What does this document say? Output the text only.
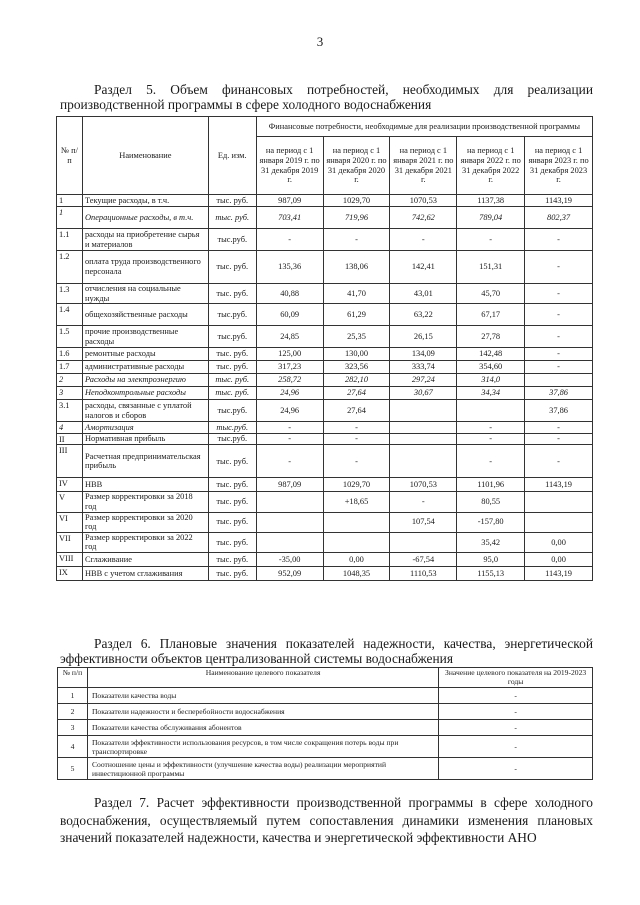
3
Раздел 5. Объем финансовых потребностей, необходимых для реализации производственной программы в сфере холодного водоснабжения
№ п/п	Наименование	Ед. изм.	Финансовые потребности, необходимые для реализации производственной программы				
			на период с 1 января 2019 г. по 31 декабря 2019 г.	на период с 1 января 2020 г. по 31 декабря 2020 г.	на период с 1 января 2021 г. по 31 декабря 2021 г.	на период с 1 января 2022 г. по 31 декабря 2022 г.	на период с 1 января 2023 г. по 31 декабря 2023 г.
1	Текущие расходы, в т.ч.	тыс. руб.	987,09	1029,70	1070,53	1137,38	1143,19
1	Операционные расходы, в т.ч.	тыс. руб.	703,41	719,96	742,62	789,04	802,37
1.1	расходы на приобретение сырья и материалов	тыс.руб.	-	-	-	-	-
1.2	оплата труда производственного персонала	тыс. руб.	135,36	138,06	142,41	151,31	-
1.3	отчисления на социальные нужды	тыс. руб.	40,88	41,70	43,01	45,70	-
1.4	общехозяйственные расходы	тыс.руб.	60,09	61,29	63,22	67,17	-
1.5	прочие производственные расходы	тыс.руб.	24,85	25,35	26,15	27,78	-
1.6	ремонтные расходы	тыс. руб.	125,00	130,00	134,09	142,48	-
1.7	административные расходы	тыс. руб.	317,23	323,56	333,74	354,60	-
2	Расходы на электроэнергию	тыс. руб.	258,72	282,10	297,24	314,0	
3	Неподконтрольные расходы	тыс. руб.	24,96	27,64	30,67	34,34	37,86
3.1	расходы, связанные с уплатой налогов и сборов	тыс.руб.	24,96	27,64			37,86
4	Амортизация	тыс.руб.	-	-		-	-
II	Нормативная прибыль	тыс.руб.	-	-		-	-
III	Расчетная предпринимательская прибыль	тыс. руб.	-	-		-	-
IV	НВВ	тыс. руб.	987,09	1029,70	1070,53	1101,96	1143,19
V	Размер корректировки за 2018 год	тыс. руб.		+18,65	-	80,55	
VI	Размер корректировки за 2020 год	тыс. руб.			107,54	-157,80	
VII	Размер корректировки за 2022 год	тыс. руб.				35,42	0,00
VIII	Сглаживание	тыс. руб.	-35,00	0,00	-67,54	95,0	0,00
IX	НВВ с учетом сглаживания	тыс. руб.	952,09	1048,35	1110,53	1155,13	1143,19
Раздел 6. Плановые значения показателей надежности, качества, энергетической эффективности объектов централизованной системы водоснабжения
№ п/п	Наименование целевого показателя	Значение целевого показателя на 2019-2023 годы
1	Показатели качества воды	-
2	Показатели надежности и бесперебойности водоснабжения	-
3	Показатели качества обслуживания абонентов	-
4	Показатели эффективности использования ресурсов, в том числе сокращения потерь воды при транспортировке	-
5	Соотношение цены и эффективности (улучшение качества воды) реализации мероприятий инвестиционной программы	-
Раздел 7. Расчет эффективности производственной программы в сфере холодного водоснабжения, осуществляемый путем сопоставления динамики изменения плановых значений показателей надежности, качества и энергетической эффективности АНО
